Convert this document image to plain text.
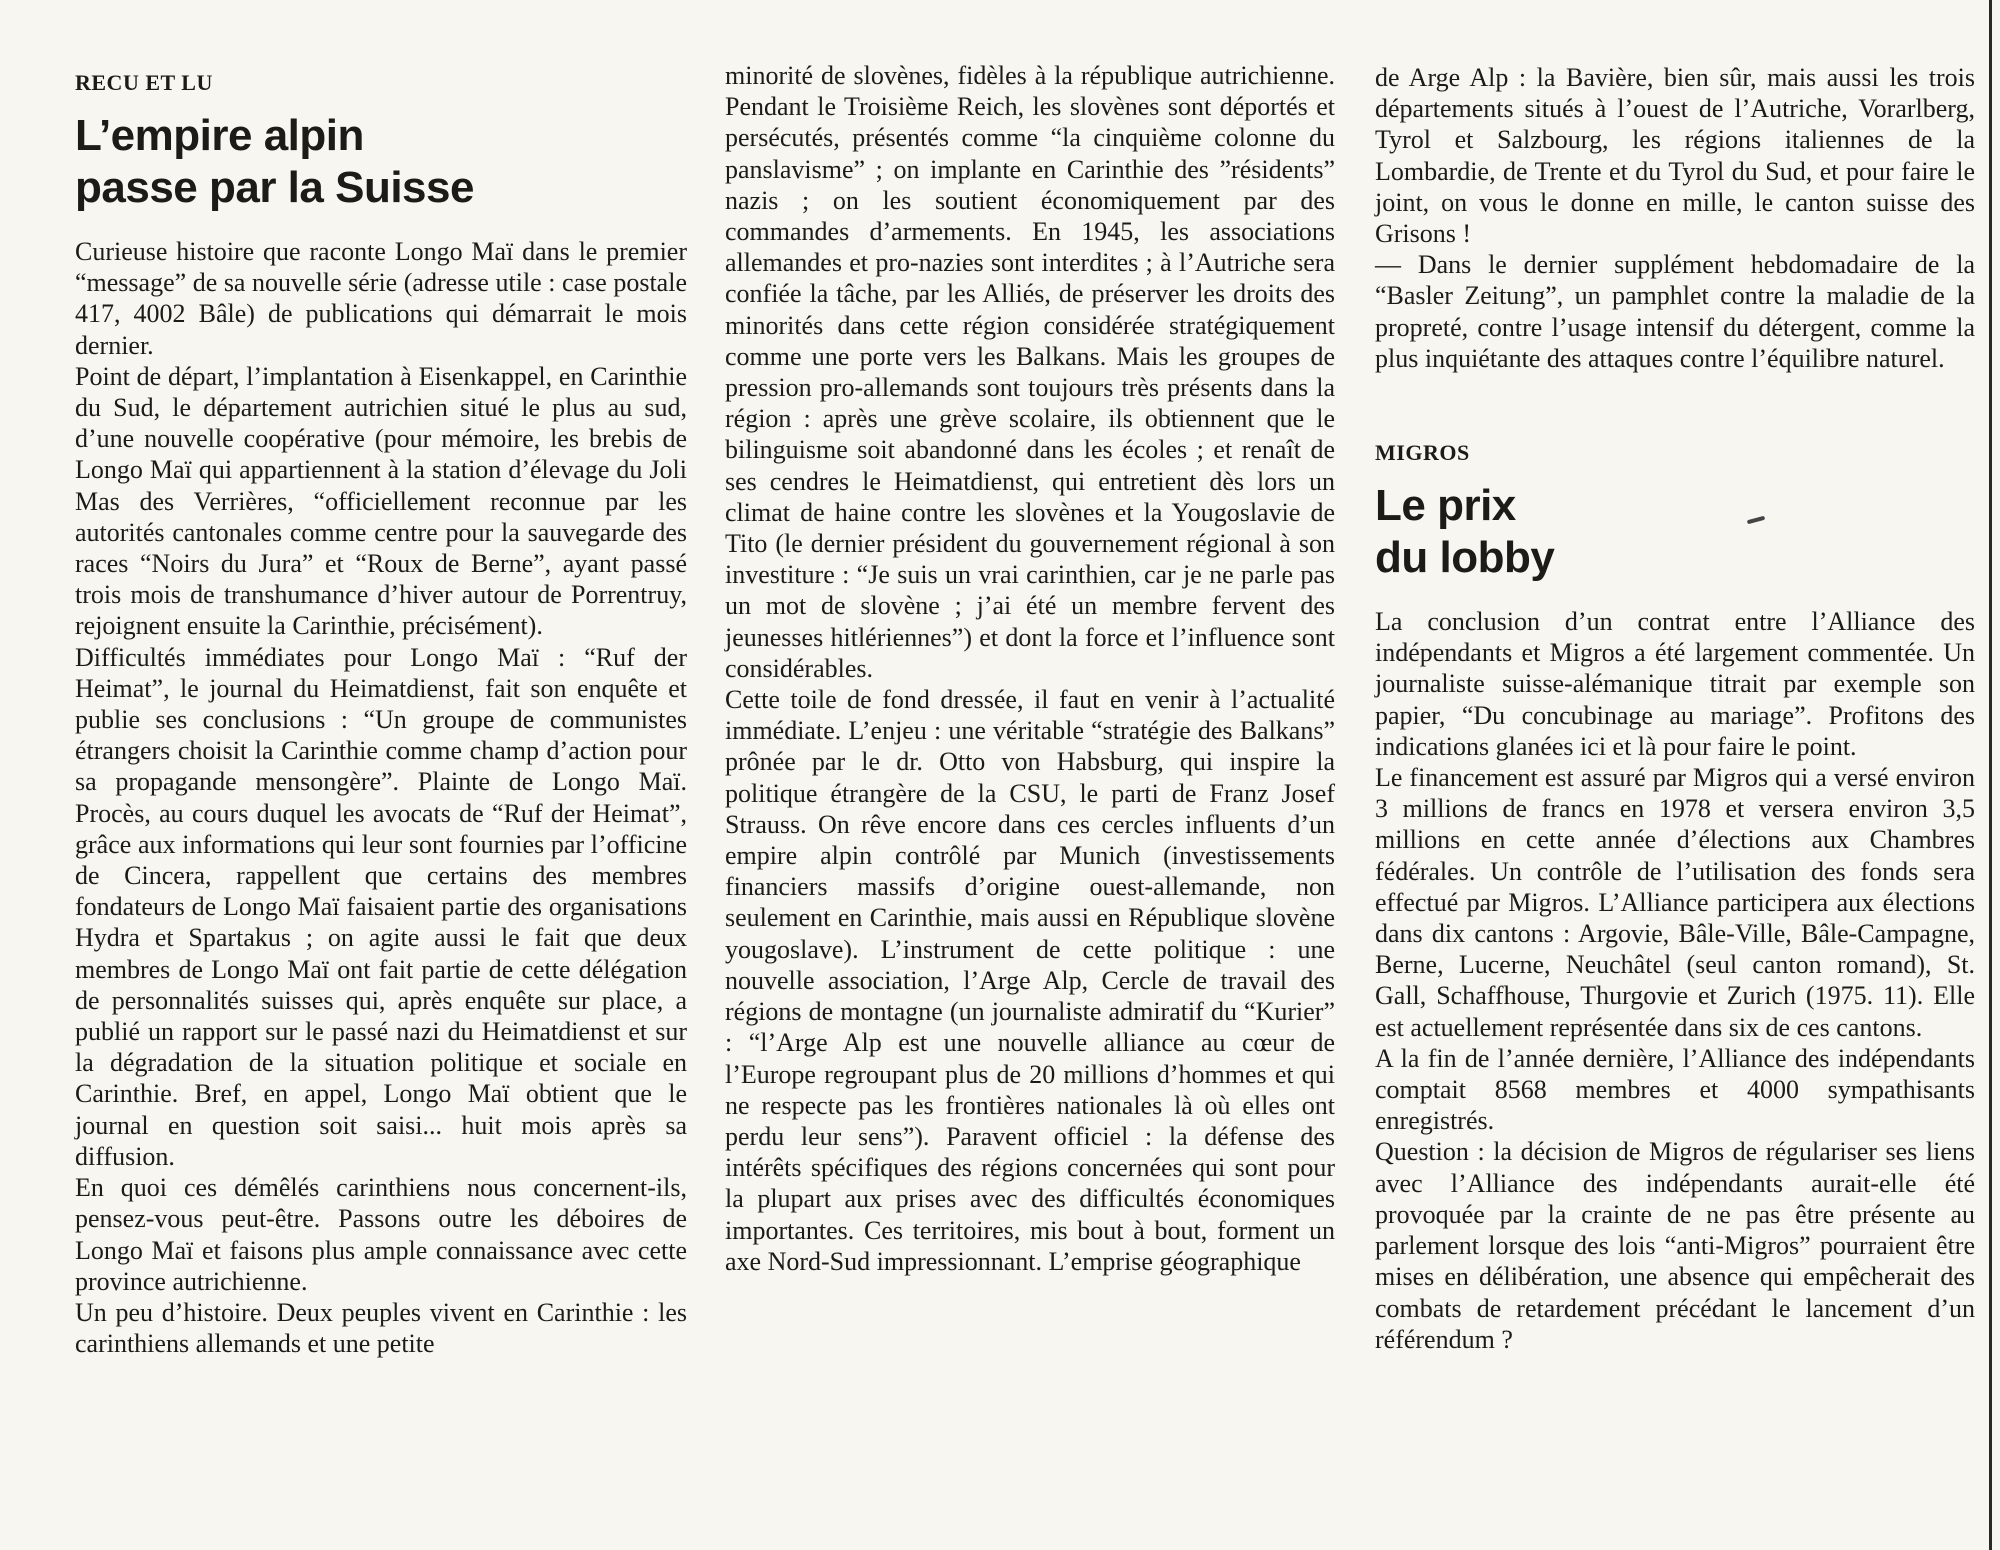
RECU ET LU
L’empire alpin
passe par la Suisse

Curieuse histoire que raconte Longo Maï dans le premier “message” de sa nouvelle série (adresse utile : case postale 417, 4002 Bâle) de publications qui démarrait le mois dernier.

Point de départ, l’implantation à Eisenkappel, en Carinthie du Sud, le département autrichien situé le plus au sud, d’une nouvelle coopérative (pour mémoire, les brebis de Longo Maï qui appartiennent à la station d’élevage du Joli Mas des Verrières, “officiellement reconnue par les autorités cantonales comme centre pour la sauvegarde des races “Noirs du Jura” et “Roux de Berne”, ayant passé trois mois de transhumance d’hiver autour de Porrentruy, rejoignent ensuite la Carinthie, précisément).

Difficultés immédiates pour Longo Maï : “Ruf der Heimat”, le journal du Heimatdienst, fait son enquête et publie ses conclusions : “Un groupe de communistes étrangers choisit la Carinthie comme champ d’action pour sa propagande mensongère”. Plainte de Longo Maï. Procès, au cours duquel les avocats de “Ruf der Heimat”, grâce aux informations qui leur sont fournies par l’officine de Cincera, rappellent que certains des membres fondateurs de Longo Maï faisaient partie des organisations Hydra et Spartakus ; on agite aussi le fait que deux membres de Longo Maï ont fait partie de cette délégation de personnalités suisses qui, après enquête sur place, a publié un rapport sur le passé nazi du Heimatdienst et sur la dégradation de la situation politique et sociale en Carinthie. Bref, en appel, Longo Maï obtient que le journal en question soit saisi... huit mois après sa diffusion.

En quoi ces démêlés carinthiens nous concernent-ils, pensez-vous peut-être. Passons outre les déboires de Longo Maï et faisons plus ample connaissance avec cette province autrichienne.

Un peu d’histoire. Deux peuples vivent en Carinthie : les carinthiens allemands et une petite

minorité de slovènes, fidèles à la république autrichienne. Pendant le Troisième Reich, les slovènes sont déportés et persécutés, présentés comme “la cinquième colonne du panslavisme” ; on implante en Carinthie des ”résidents” nazis ; on les soutient économiquement par des commandes d’armements. En 1945, les associations allemandes et pro-nazies sont interdites ; à l’Autriche sera confiée la tâche, par les Alliés, de préserver les droits des minorités dans cette région considérée stratégiquement comme une porte vers les Balkans. Mais les groupes de pression pro-allemands sont toujours très présents dans la région : après une grève scolaire, ils obtiennent que le bilinguisme soit abandonné dans les écoles ; et renaît de ses cendres le Heimatdienst, qui entretient dès lors un climat de haine contre les slovènes et la Yougoslavie de Tito (le dernier président du gouvernement régional à son investiture : “Je suis un vrai carinthien, car je ne parle pas un mot de slovène ; j’ai été un membre fervent des jeunesses hitlériennes”) et dont la force et l’influence sont considérables.

Cette toile de fond dressée, il faut en venir à l’actualité immédiate. L’enjeu : une véritable “stratégie des Balkans” prônée par le dr. Otto von Habsburg, qui inspire la politique étrangère de la CSU, le parti de Franz Josef Strauss. On rêve encore dans ces cercles influents d’un empire alpin contrôlé par Munich (investissements financiers massifs d’origine ouest-allemande, non seulement en Carinthie, mais aussi en République slovène yougoslave). L’instrument de cette politique : une nouvelle association, l’Arge Alp, Cercle de travail des régions de montagne (un journaliste admiratif du “Kurier” : “l’Arge Alp est une nouvelle alliance au cœur de l’Europe regroupant plus de 20 millions d’hommes et qui ne respecte pas les frontières nationales là où elles ont perdu leur sens”). Paravent officiel : la défense des intérêts spécifiques des régions concernées qui sont pour la plupart aux prises avec des difficultés économiques importantes. Ces territoires, mis bout à bout, forment un axe Nord-Sud impressionnant. L’emprise géographique

de Arge Alp : la Bavière, bien sûr, mais aussi les trois départements situés à l’ouest de l’Autriche, Vorarlberg, Tyrol et Salzbourg, les régions italiennes de la Lombardie, de Trente et du Tyrol du Sud, et pour faire le joint, on vous le donne en mille, le canton suisse des Grisons !

— Dans le dernier supplément hebdomadaire de la “Basler Zeitung”, un pamphlet contre la maladie de la propreté, contre l’usage intensif du détergent, comme la plus inquiétante des attaques contre l’équilibre naturel.

MIGROS
Le prix
du lobby

La conclusion d’un contrat entre l’Alliance des indépendants et Migros a été largement commentée. Un journaliste suisse-alémanique titrait par exemple son papier, “Du concubinage au mariage”. Profitons des indications glanées ici et là pour faire le point.

Le financement est assuré par Migros qui a versé environ 3 millions de francs en 1978 et versera environ 3,5 millions en cette année d’élections aux Chambres fédérales. Un contrôle de l’utilisation des fonds sera effectué par Migros. L’Alliance participera aux élections dans dix cantons : Argovie, Bâle-Ville, Bâle-Campagne, Berne, Lucerne, Neuchâtel (seul canton romand), St. Gall, Schaffhouse, Thurgovie et Zurich (1975. 11). Elle est actuellement représentée dans six de ces cantons.

A la fin de l’année dernière, l’Alliance des indépendants comptait 8568 membres et 4000 sympathisants enregistrés.

Question : la décision de Migros de régulariser ses liens avec l’Alliance des indépendants aurait-elle été provoquée par la crainte de ne pas être présente au parlement lorsque des lois “anti-Migros” pourraient être mises en délibération, une absence qui empêcherait des combats de retardement précédant le lancement d’un référendum ?
